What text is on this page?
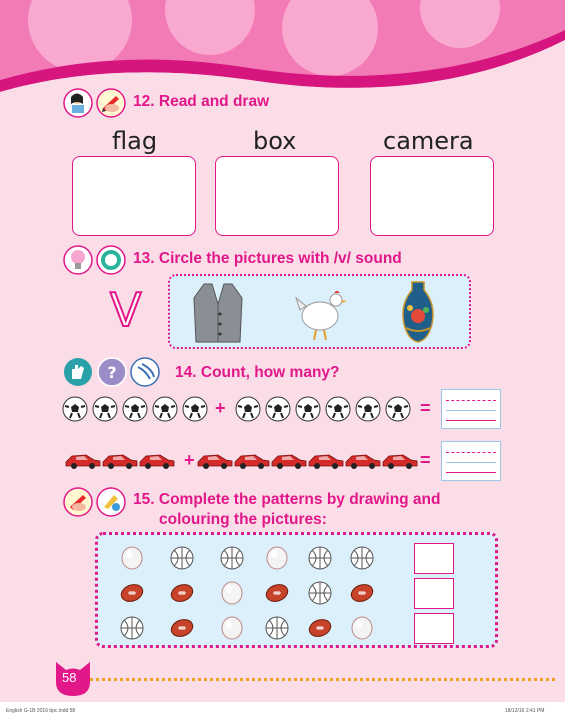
12. Read and draw
flag	box	camera
13. Circle the pictures with /v/ sound
V
?	14. Count, how many?
+	=
+	=
15. Complete the patterns by drawing and
colouring the pictures:
58
English G-1B 2016 bpc.indd 58	18/12/16 2:41 PM
